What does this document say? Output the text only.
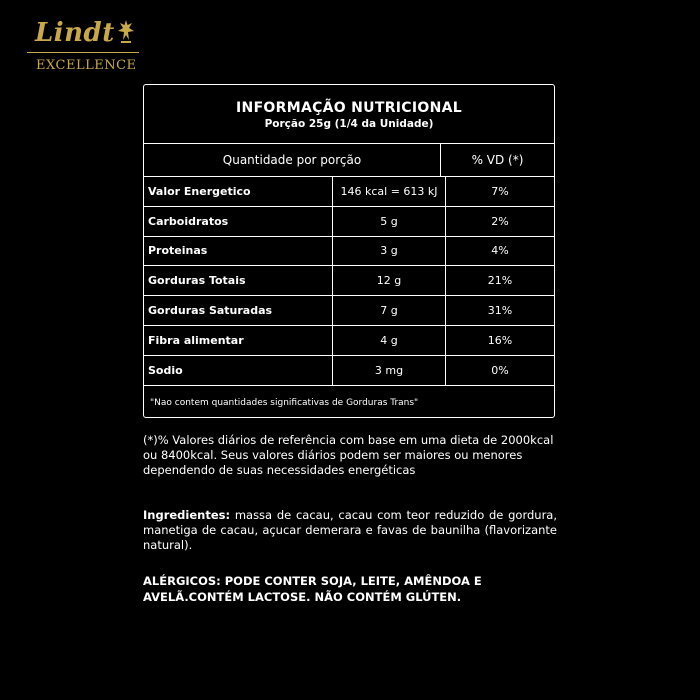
Lindt
EXCELLENCE
INFORMAÇÃO NUTRICIONAL
Porção 25g (1/4 da Unidade)
Quantidade por porção	% VD (*)
Valor Energetico	146 kcal = 613 kJ	7%
Carboidratos	5 g	2%
Proteinas	3 g	4%
Gorduras Totais	12 g	21%
Gorduras Saturadas	7 g	31%
Fibra alimentar	4 g	16%
Sodio	3 mg	0%
"Nao contem quantidades significativas de Gorduras Trans"
(*)% Valores diários de referência com base em uma dieta de 2000kcal ou 8400kcal. Seus valores diários podem ser maiores ou menores dependendo de suas necessidades energéticas
Ingredientes: massa de cacau, cacau com teor reduzido de gordura, manetiga de cacau, açucar demerara e favas de baunilha (flavorizante natural).
ALÉRGICOS: PODE CONTER SOJA, LEITE, AMÊNDOA E AVELÃ.CONTÉM LACTOSE. NÃO CONTÉM GLÚTEN.
